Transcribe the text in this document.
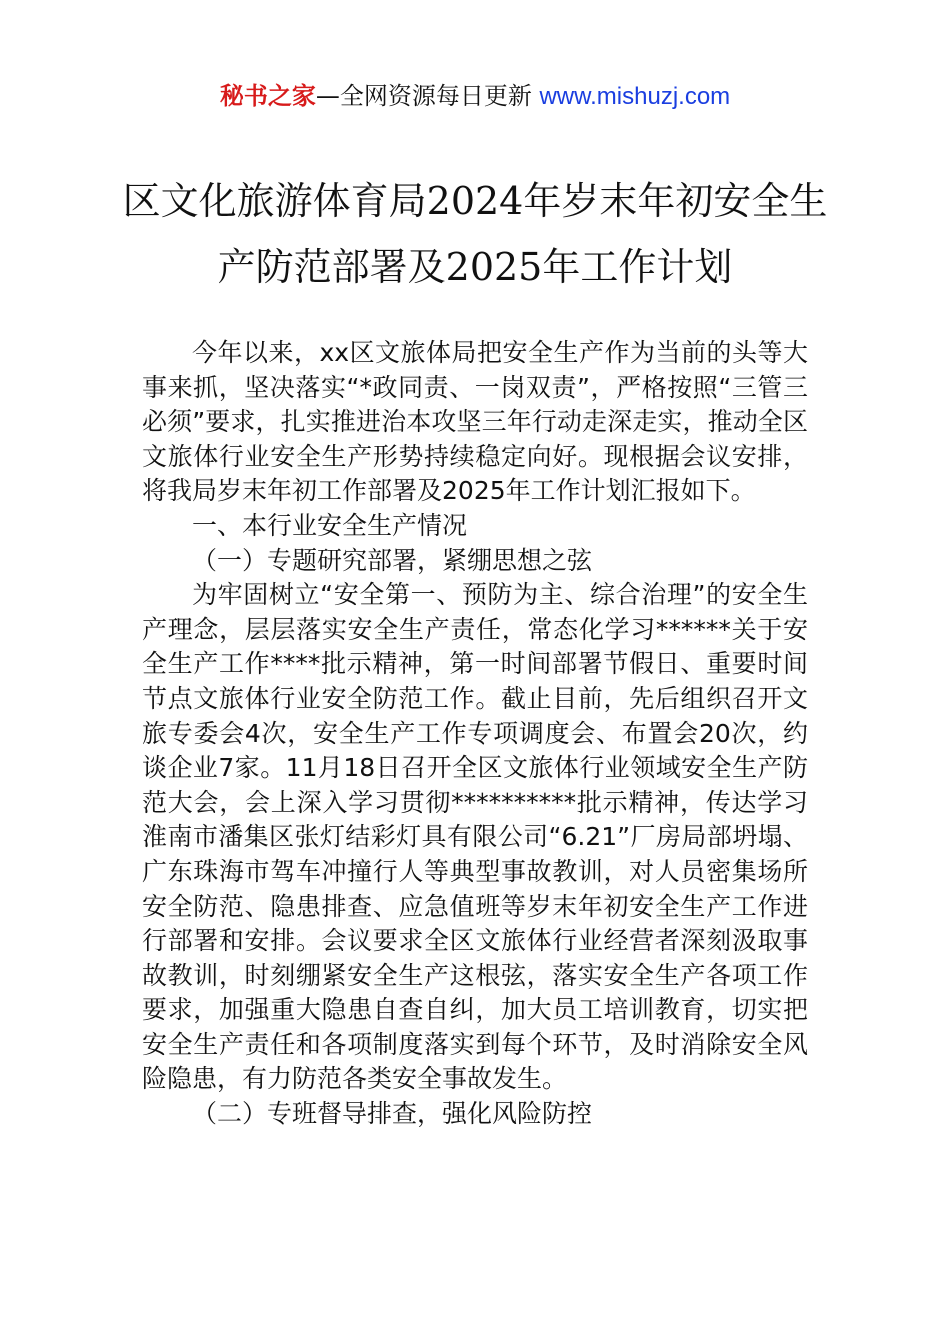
秘书之家—全网资源每日更新 www.mishuzj.com
区文化旅游体育局2024年岁末年初安全生
产防范部署及2025年工作计划

今年以来，xx区文旅体局把安全生产作为当前的头等大事来抓，坚决落实“*政同责、一岗双责”，严格按照“三管三必须”要求，扎实推进治本攻坚三年行动走深走实，推动全区文旅体行业安全生产形势持续稳定向好。现根据会议安排，将我局岁末年初工作部署及2025年工作计划汇报如下。

一、本行业安全生产情况

（一）专题研究部署，紧绷思想之弦

为牢固树立“安全第一、预防为主、综合治理”的安全生产理念，层层落实安全生产责任，常态化学习******关于安全生产工作****批示精神，第一时间部署节假日、重要时间节点文旅体行业安全防范工作。截止目前，先后组织召开文旅专委会4次，安全生产工作专项调度会、布置会20次，约谈企业7家。11月18日召开全区文旅体行业领域安全生产防范大会，会上深入学习贯彻**********批示精神，传达学习淮南市潘集区张灯结彩灯具有限公司“6.21”厂房局部坍塌、广东珠海市驾车冲撞行人等典型事故教训，对人员密集场所安全防范、隐患排查、应急值班等岁末年初安全生产工作进行部署和安排。会议要求全区文旅体行业经营者深刻汲取事故教训，时刻绷紧安全生产这根弦，落实安全生产各项工作要求，加强重大隐患自查自纠，加大员工培训教育，切实把安全生产责任和各项制度落实到每个环节，及时消除安全风险隐患，有力防范各类安全事故发生。

（二）专班督导排查，强化风险防控
